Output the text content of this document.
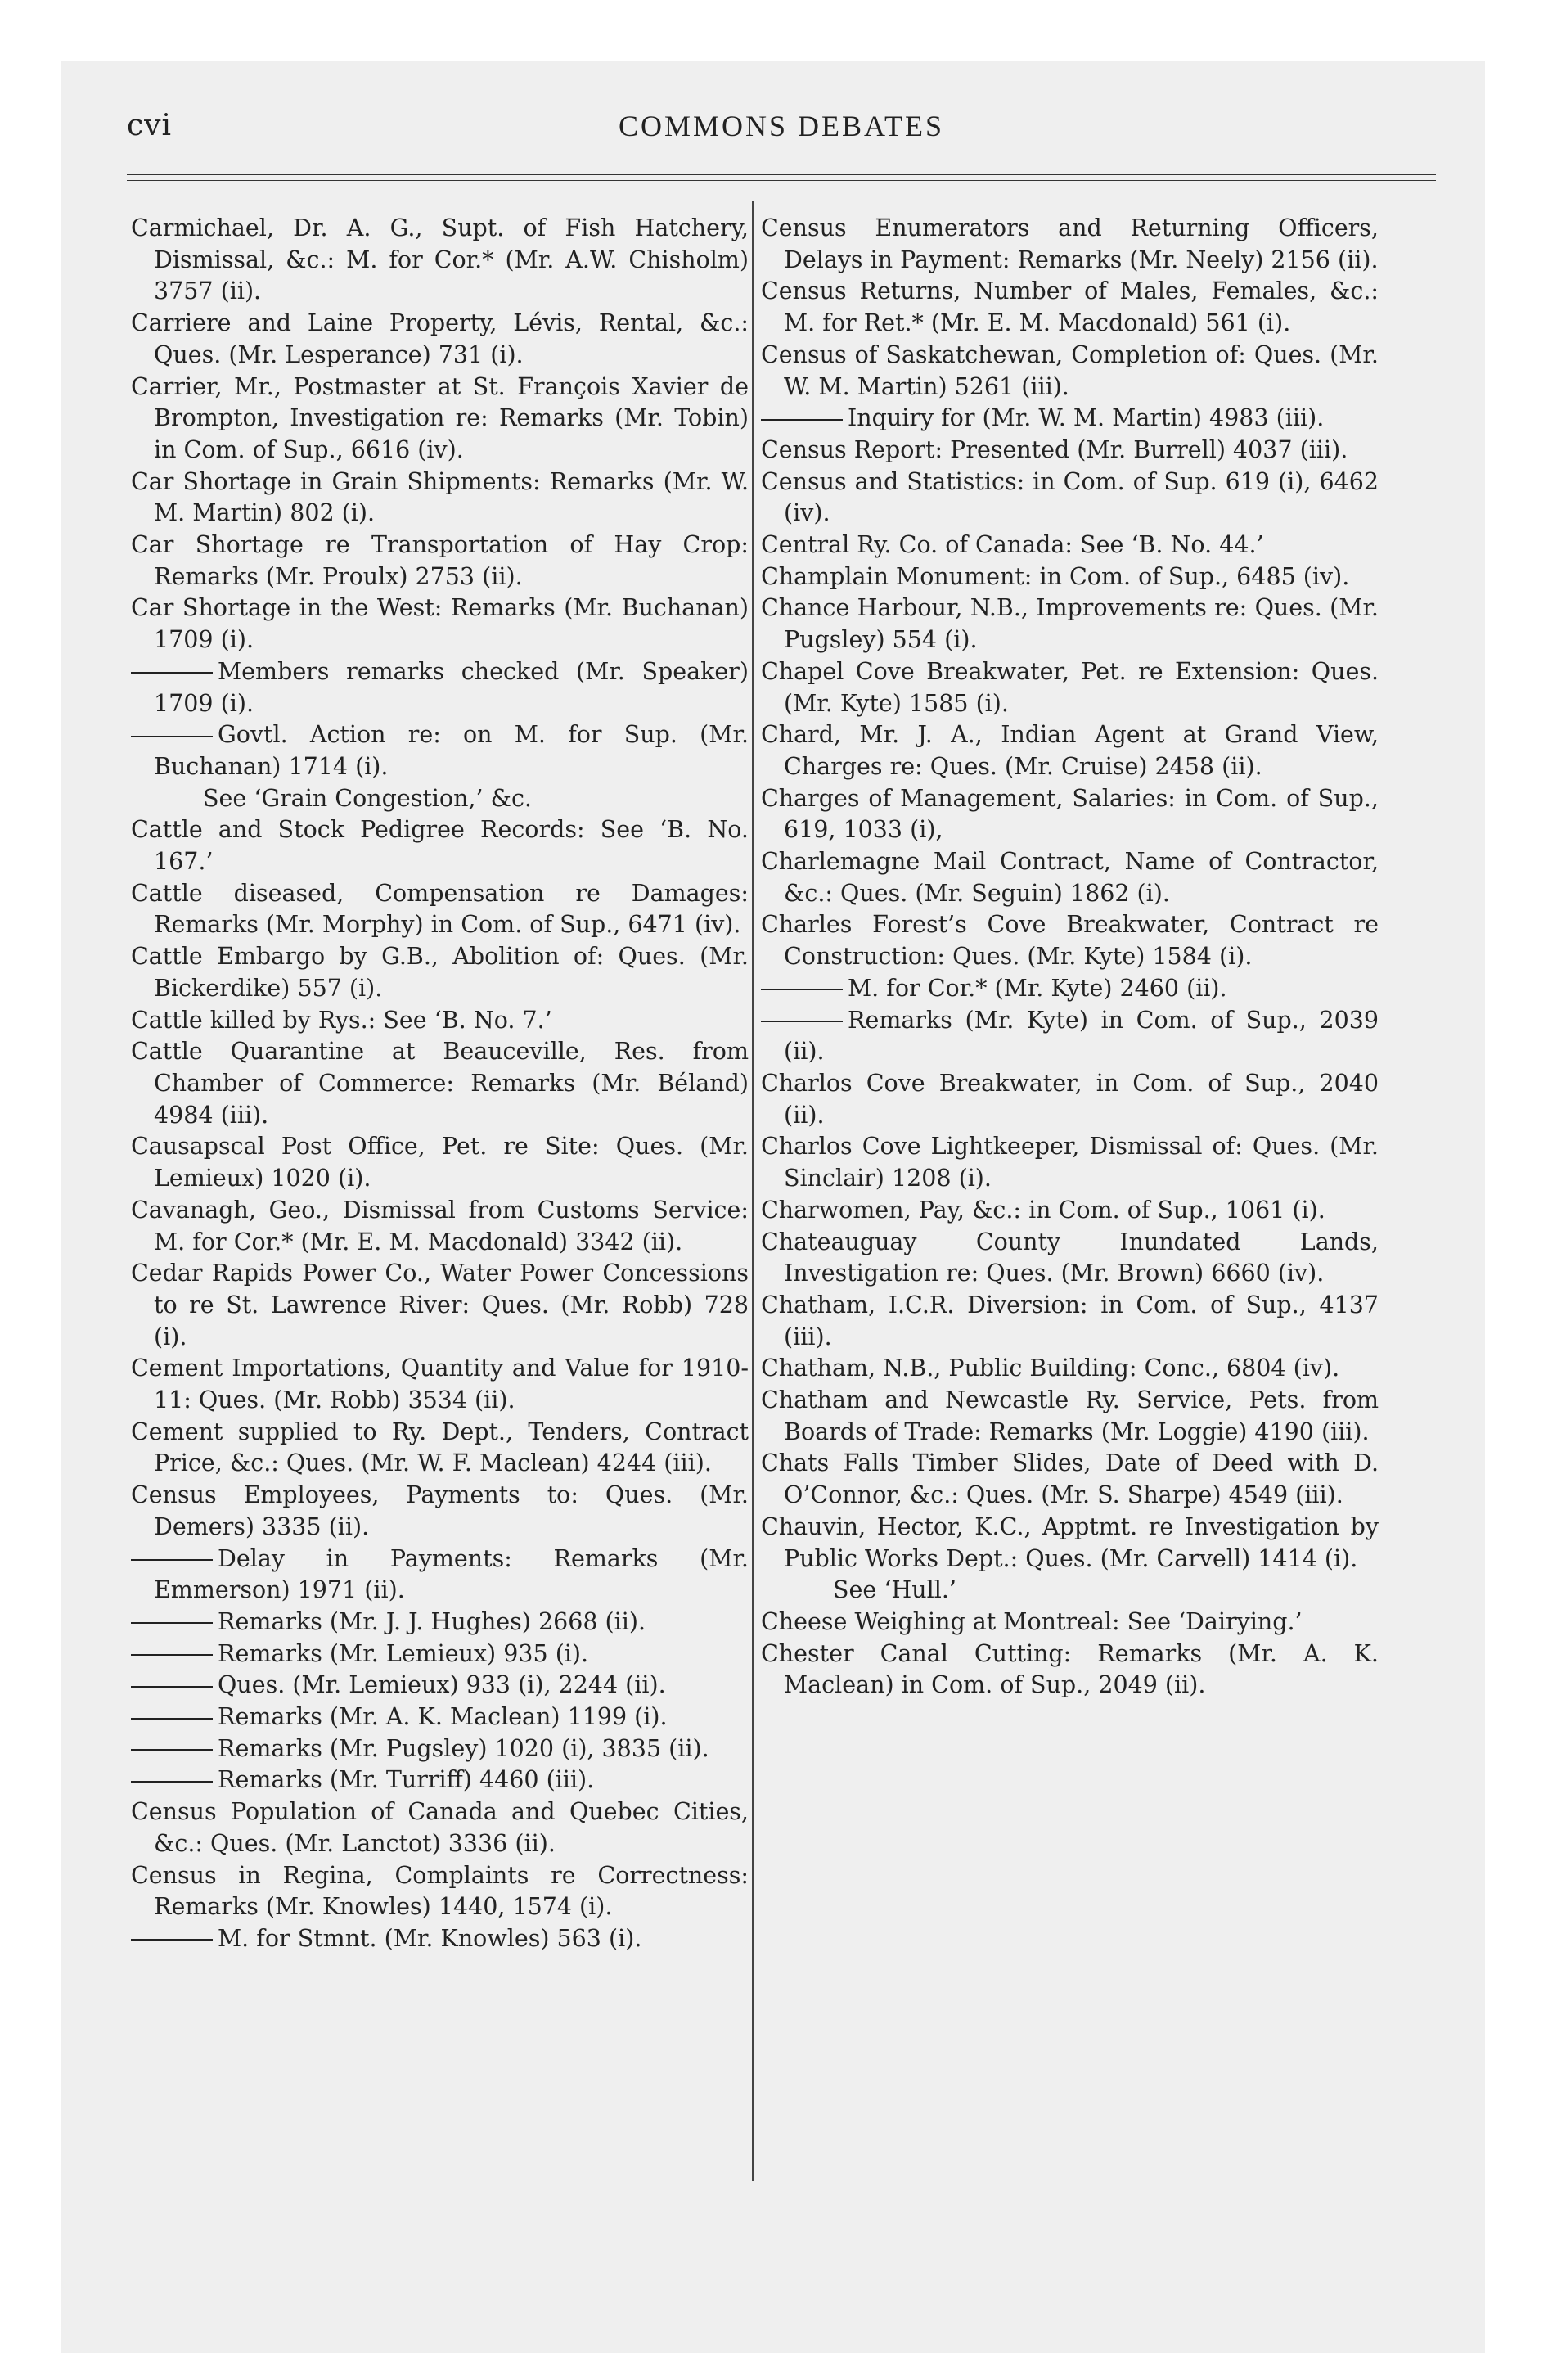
cvi	COMMONS DEBATES
Carmichael, Dr. A. G., Supt. of Fish Hatchery, Dismissal, &c.: M. for Cor.* (Mr. A.W. Chisholm) 3757 (ii).
Carriere and Laine Property, Lévis, Rental, &c.: Ques. (Mr. Lesperance) 731 (i).
Carrier, Mr., Postmaster at St. François Xavier de Brompton, Investigation re: Remarks (Mr. Tobin) in Com. of Sup., 6616 (iv).
Car Shortage in Grain Shipments: Remarks (Mr. W. M. Martin) 802 (i).
Car Shortage re Transportation of Hay Crop: Remarks (Mr. Proulx) 2753 (ii).
Car Shortage in the West: Remarks (Mr. Buchanan) 1709 (i).
Members remarks checked (Mr. Speaker) 1709 (i).
Govtl. Action re: on M. for Sup. (Mr. Buchanan) 1714 (i).
See ‘Grain Congestion,’ &c.
Cattle and Stock Pedigree Records: See ‘B. No. 167.’
Cattle diseased, Compensation re Damages: Remarks (Mr. Morphy) in Com. of Sup., 6471 (iv).
Cattle Embargo by G.B., Abolition of: Ques. (Mr. Bickerdike) 557 (i).
Cattle killed by Rys.: See ‘B. No. 7.’
Cattle Quarantine at Beauceville, Res. from Chamber of Commerce: Remarks (Mr. Béland) 4984 (iii).
Causapscal Post Office, Pet. re Site: Ques. (Mr. Lemieux) 1020 (i).
Cavanagh, Geo., Dismissal from Customs Service: M. for Cor.* (Mr. E. M. Macdonald) 3342 (ii).
Cedar Rapids Power Co., Water Power Concessions to re St. Lawrence River: Ques. (Mr. Robb) 728 (i).
Cement Importations, Quantity and Value for 1910-11: Ques. (Mr. Robb) 3534 (ii).
Cement supplied to Ry. Dept., Tenders, Contract Price, &c.: Ques. (Mr. W. F. Maclean) 4244 (iii).
Census Employees, Payments to: Ques. (Mr. Demers) 3335 (ii).
Delay in Payments: Remarks (Mr. Emmerson) 1971 (ii).
Remarks (Mr. J. J. Hughes) 2668 (ii).
Remarks (Mr. Lemieux) 935 (i).
Ques. (Mr. Lemieux) 933 (i), 2244 (ii).
Remarks (Mr. A. K. Maclean) 1199 (i).
Remarks (Mr. Pugsley) 1020 (i), 3835 (ii).
Remarks (Mr. Turriff) 4460 (iii).
Census Population of Canada and Quebec Cities, &c.: Ques. (Mr. Lanctot) 3336 (ii).
Census in Regina, Complaints re Correctness: Remarks (Mr. Knowles) 1440, 1574 (i).
M. for Stmnt. (Mr. Knowles) 563 (i).
Census Enumerators and Returning Officers, Delays in Payment: Remarks (Mr. Neely) 2156 (ii).
Census Returns, Number of Males, Females, &c.: M. for Ret.* (Mr. E. M. Macdonald) 561 (i).
Census of Saskatchewan, Completion of: Ques. (Mr. W. M. Martin) 5261 (iii).
Inquiry for (Mr. W. M. Martin) 4983 (iii).
Census Report: Presented (Mr. Burrell) 4037 (iii).
Census and Statistics: in Com. of Sup. 619 (i), 6462 (iv).
Central Ry. Co. of Canada: See ‘B. No. 44.’
Champlain Monument: in Com. of Sup., 6485 (iv).
Chance Harbour, N.B., Improvements re: Ques. (Mr. Pugsley) 554 (i).
Chapel Cove Breakwater, Pet. re Extension: Ques. (Mr. Kyte) 1585 (i).
Chard, Mr. J. A., Indian Agent at Grand View, Charges re: Ques. (Mr. Cruise) 2458 (ii).
Charges of Management, Salaries: in Com. of Sup., 619, 1033 (i),
Charlemagne Mail Contract, Name of Contractor, &c.: Ques. (Mr. Seguin) 1862 (i).
Charles Forest’s Cove Breakwater, Contract re Construction: Ques. (Mr. Kyte) 1584 (i).
M. for Cor.* (Mr. Kyte) 2460 (ii).
Remarks (Mr. Kyte) in Com. of Sup., 2039 (ii).
Charlos Cove Breakwater, in Com. of Sup., 2040 (ii).
Charlos Cove Lightkeeper, Dismissal of: Ques. (Mr. Sinclair) 1208 (i).
Charwomen, Pay, &c.: in Com. of Sup., 1061 (i).
Chateauguay County Inundated Lands, Investigation re: Ques. (Mr. Brown) 6660 (iv).
Chatham, I.C.R. Diversion: in Com. of Sup., 4137 (iii).
Chatham, N.B., Public Building: Conc., 6804 (iv).
Chatham and Newcastle Ry. Service, Pets. from Boards of Trade: Remarks (Mr. Loggie) 4190 (iii).
Chats Falls Timber Slides, Date of Deed with D. O’Connor, &c.: Ques. (Mr. S. Sharpe) 4549 (iii).
Chauvin, Hector, K.C., Apptmt. re Investigation by Public Works Dept.: Ques. (Mr. Carvell) 1414 (i).
See ‘Hull.’
Cheese Weighing at Montreal: See ‘Dairying.’
Chester Canal Cutting: Remarks (Mr. A. K. Maclean) in Com. of Sup., 2049 (ii).
